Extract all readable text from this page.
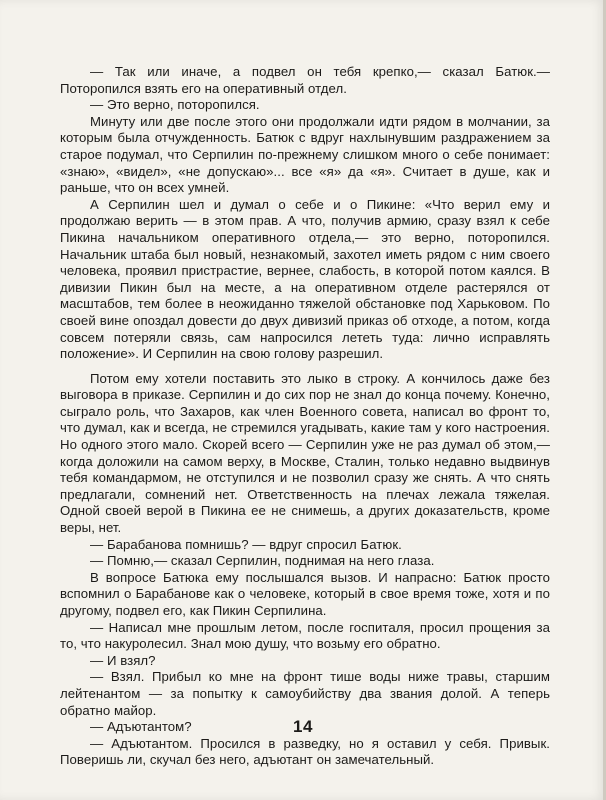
— Так или иначе, а подвел он тебя крепко,— сказал Батюк.— Поторопился взять его на оперативный отдел.

— Это верно, поторопился.

Минуту или две после этого они продолжали идти рядом в молчании, за которым была отчужденность. Батюк с вдруг нахлынувшим раздражением за старое подумал, что Серпилин по-прежнему слишком много о себе понимает: «знаю», «видел», «не допускаю»... все «я» да «я». Считает в душе, как и раньше, что он всех умней.

А Серпилин шел и думал о себе и о Пикине: «Что верил ему и продолжаю верить — в этом прав. А что, получив армию, сразу взял к себе Пикина начальником оперативного отдела,— это верно, поторопился. Начальник штаба был новый, незнакомый, захотел иметь рядом с ним своего человека, проявил пристрастие, вернее, слабость, в которой потом каялся. В дивизии Пикин был на месте, а на оперативном отделе растерялся от масштабов, тем более в неожиданно тяжелой обстановке под Харьковом. По своей вине опоздал довести до двух дивизий приказ об отходе, а потом, когда совсем потеряли связь, сам напросился лететь туда: лично исправлять положение». И Серпилин на свою голову разрешил.

Потом ему хотели поставить это лыко в строку. А кончилось даже без выговора в приказе. Серпилин и до сих пор не знал до конца почему. Конечно, сыграло роль, что Захаров, как член Военного совета, написал во фронт то, что думал, как и всегда, не стремился угадывать, какие там у кого настроения. Но одного этого мало. Скорей всего — Серпилин уже не раз думал об этом,— когда доложили на самом верху, в Москве, Сталин, только недавно выдвинув тебя командармом, не отступился и не позволил сразу же снять. А что снять предлагали, сомнений нет. Ответственность на плечах лежала тяжелая. Одной своей верой в Пикина ее не снимешь, а других доказательств, кроме веры, нет.

— Барабанова помнишь? — вдруг спросил Батюк.

— Помню,— сказал Серпилин, поднимая на него глаза.

В вопросе Батюка ему послышался вызов. И напрасно: Батюк просто вспомнил о Барабанове как о человеке, который в свое время тоже, хотя и по другому, подвел его, как Пикин Серпилина.

— Написал мне прошлым летом, после госпиталя, просил прощения за то, что накуролесил. Знал мою душу, что возьму его обратно.

— И взял?

— Взял. Прибыл ко мне на фронт тише воды ниже травы, старшим лейтенантом — за попытку к самоубийству два звания долой. А теперь обратно майор.

— Адъютантом?

— Адъютантом. Просился в разведку, но я оставил у себя. Привык. Поверишь ли, скучал без него, адъютант он замечательный.

14
